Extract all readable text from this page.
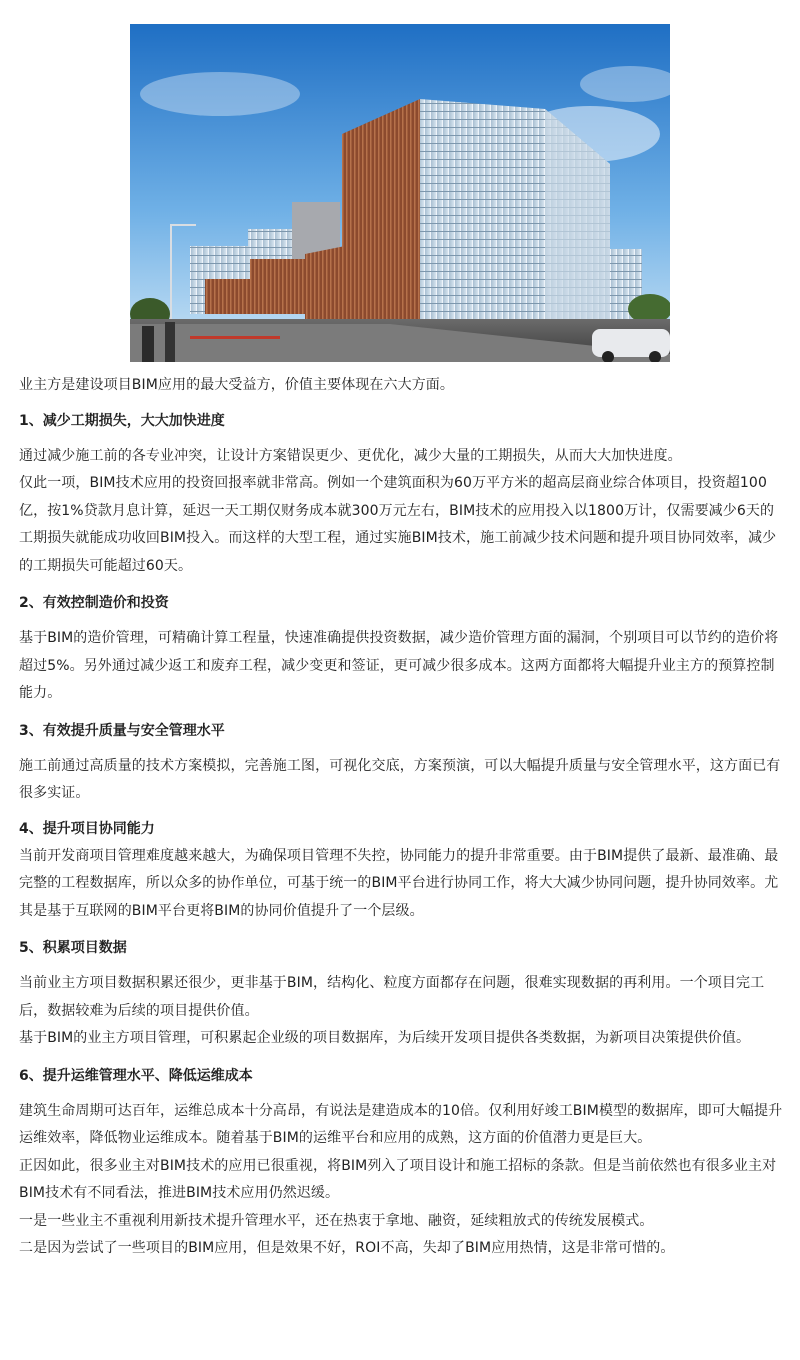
业主方是建设项目BIM应用的最大受益方，价值主要体现在六大方面。

1、减少工期损失，大大加快进度

通过减少施工前的各专业冲突，让设计方案错误更少、更优化，减少大量的工期损失，从而大大加快进度。

仅此一项，BIM技术应用的投资回报率就非常高。例如一个建筑面积为60万平方米的超高层商业综合体项目，投资超100亿，按1%贷款月息计算，延迟一天工期仅财务成本就300万元左右，BIM技术的应用投入以1800万计，仅需要减少6天的工期损失就能成功收回BIM投入。而这样的大型工程，通过实施BIM技术，施工前减少技术问题和提升项目协同效率，减少的工期损失可能超过60天。

2、有效控制造价和投资

基于BIM的造价管理，可精确计算工程量，快速准确提供投资数据，减少造价管理方面的漏洞，个别项目可以节约的造价将超过5%。另外通过减少返工和废弃工程，减少变更和签证，更可减少很多成本。这两方面都将大幅提升业主方的预算控制能力。

3、有效提升质量与安全管理水平

施工前通过高质量的技术方案模拟，完善施工图，可视化交底，方案预演，可以大幅提升质量与安全管理水平，这方面已有很多实证。

4、提升项目协同能力

当前开发商项目管理难度越来越大，为确保项目管理不失控，协同能力的提升非常重要。由于BIM提供了最新、最准确、最完整的工程数据库，所以众多的协作单位，可基于统一的BIM平台进行协同工作，将大大减少协同问题，提升协同效率。尤其是基于互联网的BIM平台更将BIM的协同价值提升了一个层级。

5、积累项目数据

当前业主方项目数据积累还很少，更非基于BIM，结构化、粒度方面都存在问题，很难实现数据的再利用。一个项目完工后，数据较难为后续的项目提供价值。

基于BIM的业主方项目管理，可积累起企业级的项目数据库，为后续开发项目提供各类数据，为新项目决策提供价值。

6、提升运维管理水平、降低运维成本

建筑生命周期可达百年，运维总成本十分高昂，有说法是建造成本的10倍。仅利用好竣工BIM模型的数据库，即可大幅提升运维效率，降低物业运维成本。随着基于BIM的运维平台和应用的成熟，这方面的价值潜力更是巨大。

正因如此，很多业主对BIM技术的应用已很重视，将BIM列入了项目设计和施工招标的条款。但是当前依然也有很多业主对BIM技术有不同看法，推进BIM技术应用仍然迟缓。

一是一些业主不重视利用新技术提升管理水平，还在热衷于拿地、融资，延续粗放式的传统发展模式。

二是因为尝试了一些项目的BIM应用，但是效果不好，ROI不高，失却了BIM应用热情，这是非常可惜的。
